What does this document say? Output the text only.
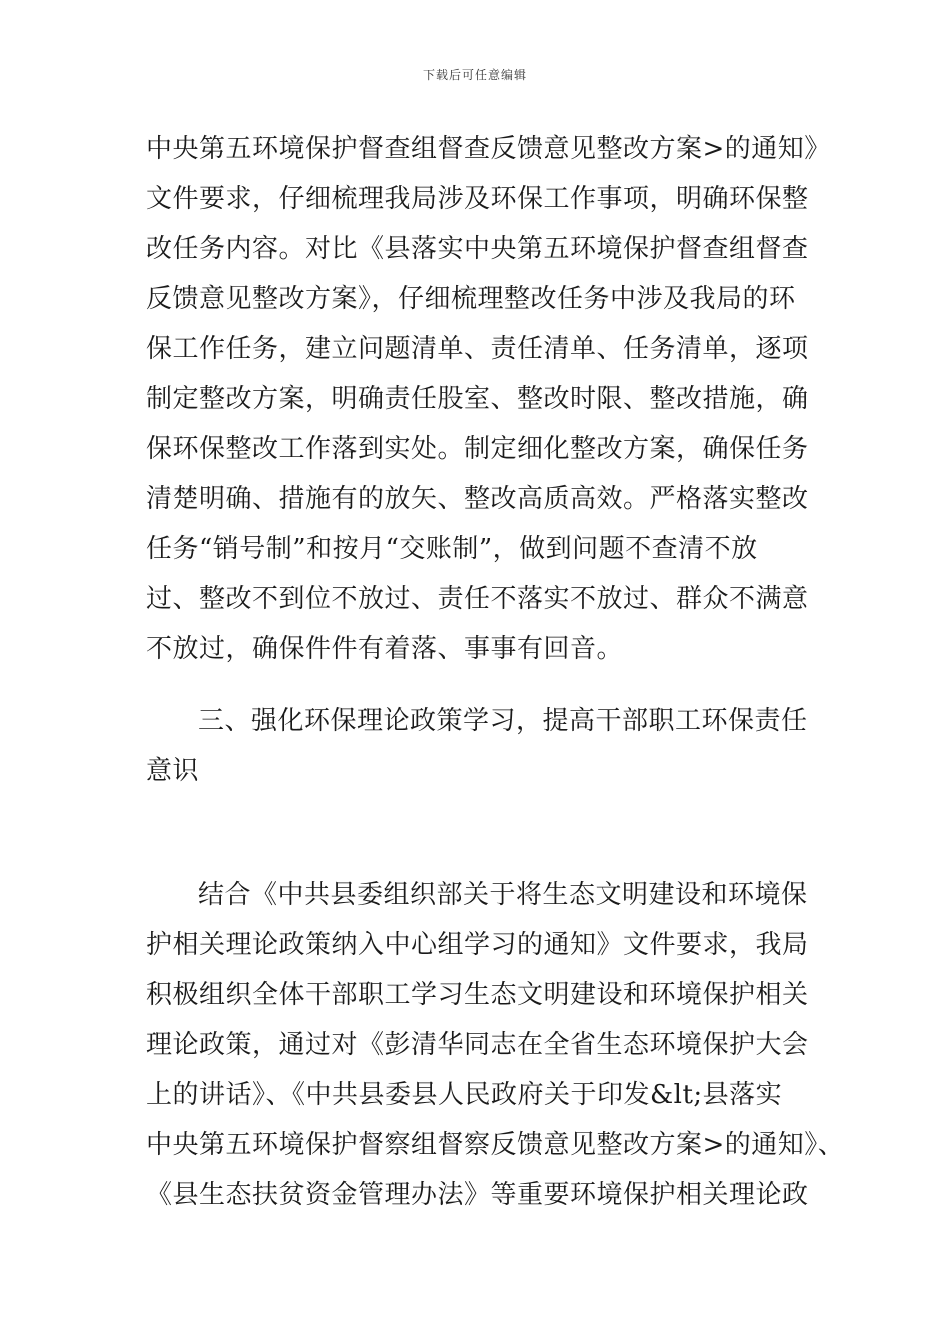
下载后可任意编辑
中央第五环境保护督查组督查反馈意见整改方案>的通知》
文件要求，仔细梳理我局涉及环保工作事项，明确环保整
改任务内容。对比《县落实中央第五环境保护督查组督查
反馈意见整改方案》，仔细梳理整改任务中涉及我局的环
保工作任务，建立问题清单、责任清单、任务清单，逐项
制定整改方案，明确责任股室、整改时限、整改措施，确
保环保整改工作落到实处。制定细化整改方案，确保任务
清楚明确、措施有的放矢、整改高质高效。严格落实整改
任务“销号制”和按月“交账制”，做到问题不查清不放
过、整改不到位不放过、责任不落实不放过、群众不满意
不放过，确保件件有着落、事事有回音。
三、强化环保理论政策学习，提高干部职工环保责任
意识
结合《中共县委组织部关于将生态文明建设和环境保
护相关理论政策纳入中心组学习的通知》文件要求，我局
积极组织全体干部职工学习生态文明建设和环境保护相关
理论政策，通过对《彭清华同志在全省生态环境保护大会
上的讲话》、《中共县委县人民政府关于印发&lt;县落实
中央第五环境保护督察组督察反馈意见整改方案>的通知》、
《县生态扶贫资金管理办法》等重要环境保护相关理论政
